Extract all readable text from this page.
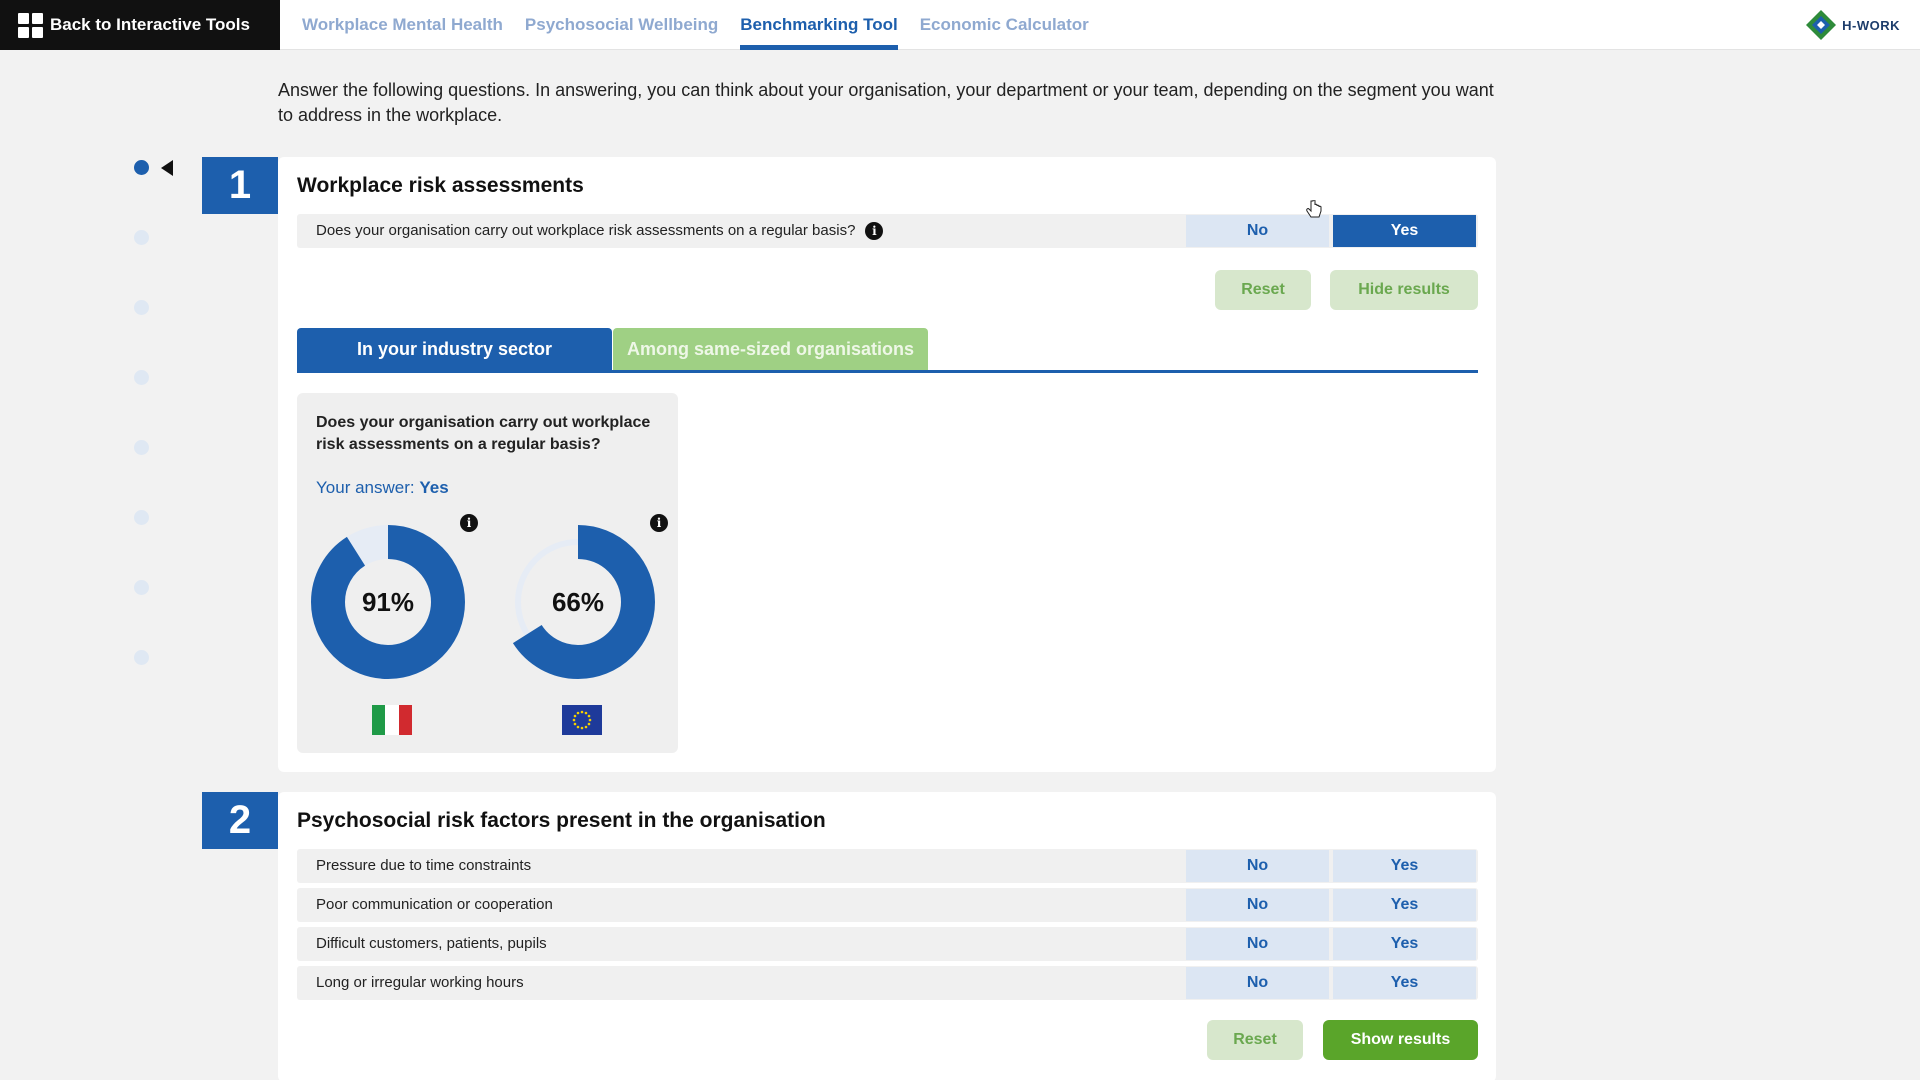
Back to Interactive Tools	Workplace Mental Health Psychosocial Wellbeing Benchmarking Tool Economic Calculator	H-WORK

Answer the following questions. In answering, you can think about your organisation, your department or your team, depending on the segment you want to address in the workplace.

1	Workplace risk assessments
Does your organisation carry out workplace risk assessments on a regular basis?	i	No	Yes
Reset	Hide results
In your industry sector	Among same-sized organisations
Does your organisation carry out workplace risk assessments on a regular basis?
Your answer: Yes
i	i
91%	66%
2	Psychosocial risk factors present in the organisation
Pressure due to time constraints	No	Yes
Poor communication or cooperation	No	Yes
Difficult customers, patients, pupils	No	Yes
Long or irregular working hours	No	Yes
Reset	Show results
